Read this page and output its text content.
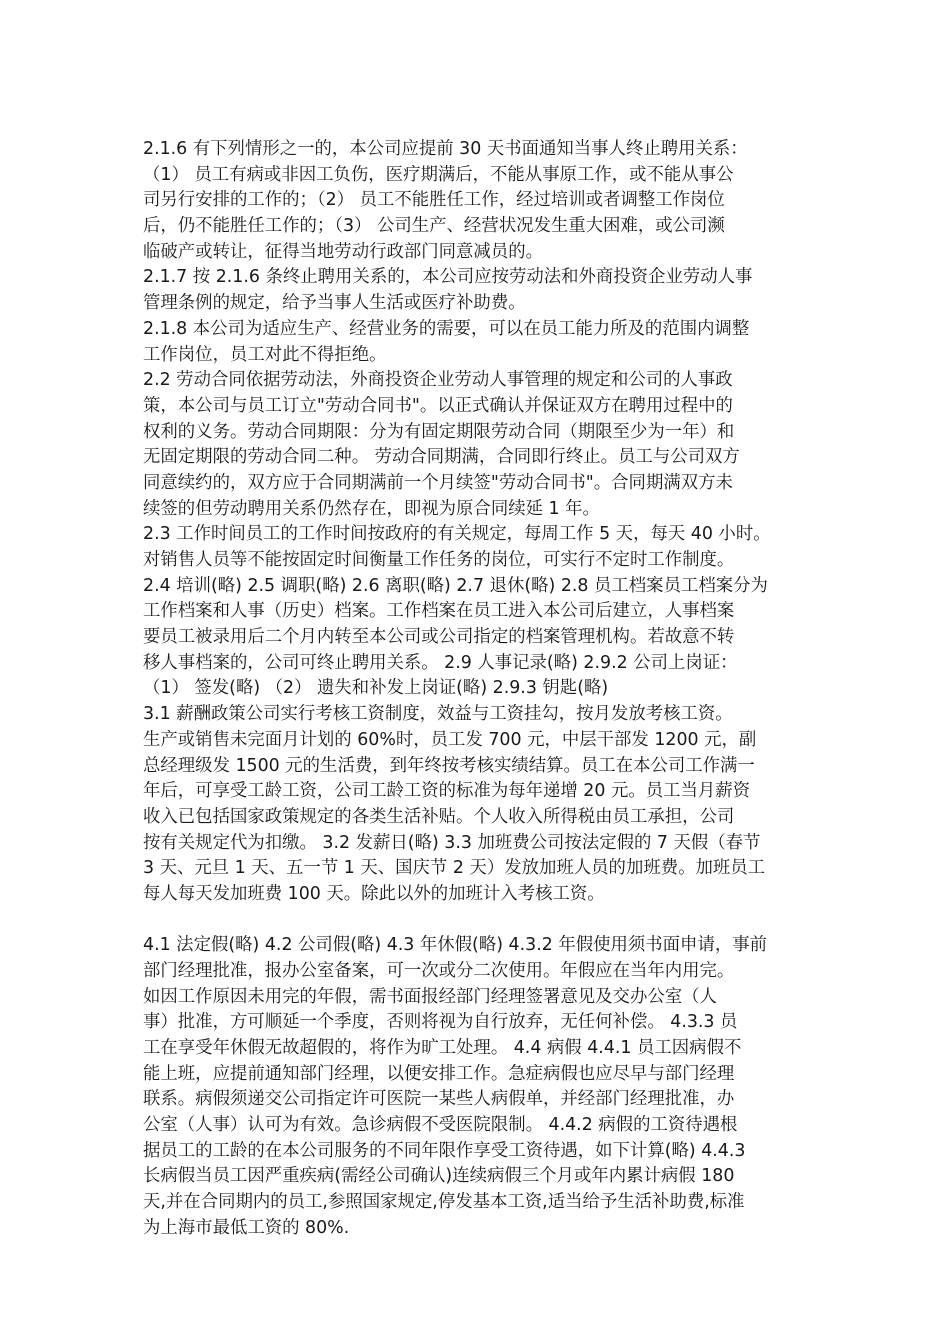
2.1.6 有下列情形之一的，本公司应提前 30 天书面通知当事人终止聘用关系：
（1） 员工有病或非因工负伤，医疗期满后，不能从事原工作，或不能从事公
司另行安排的工作的；（2） 员工不能胜任工作，经过培训或者调整工作岗位
后，仍不能胜任工作的；（3） 公司生产、经营状况发生重大困难，或公司濒
临破产或转让，征得当地劳动行政部门同意减员的。
2.1.7 按 2.1.6 条终止聘用关系的，本公司应按劳动法和外商投资企业劳动人事
管理条例的规定，给予当事人生活或医疗补助费。
2.1.8 本公司为适应生产、经营业务的需要，可以在员工能力所及的范围内调整
工作岗位，员工对此不得拒绝。
2.2 劳动合同依据劳动法，外商投资企业劳动人事管理的规定和公司的人事政
策，本公司与员工订立"劳动合同书"。以正式确认并保证双方在聘用过程中的
权利的义务。劳动合同期限：分为有固定期限劳动合同（期限至少为一年）和
无固定期限的劳动合同二种。 劳动合同期满，合同即行终止。员工与公司双方
同意续约的，双方应于合同期满前一个月续签"劳动合同书"。合同期满双方未
续签的但劳动聘用关系仍然存在，即视为原合同续延 1 年。
2.3 工作时间员工的工作时间按政府的有关规定，每周工作 5 天，每天 40 小时。
对销售人员等不能按固定时间衡量工作任务的岗位，可实行不定时工作制度。
2.4 培训(略) 2.5 调职(略) 2.6 离职(略) 2.7 退休(略) 2.8 员工档案员工档案分为
工作档案和人事（历史）档案。工作档案在员工进入本公司后建立，人事档案
要员工被录用后二个月内转至本公司或公司指定的档案管理机构。若故意不转
移人事档案的，公司可终止聘用关系。 2.9 人事记录(略) 2.9.2 公司上岗证：
（1） 签发(略) （2） 遗失和补发上岗证(略) 2.9.3 钥匙(略)
3.1 薪酬政策公司实行考核工资制度，效益与工资挂勾，按月发放考核工资。
生产或销售未完面月计划的 60%时，员工发 700 元，中层干部发 1200 元，副
总经理级发 1500 元的生活费，到年终按考核实绩结算。员工在本公司工作满一
年后，可享受工龄工资，公司工龄工资的标准为每年递增 20 元。员工当月薪资
收入已包括国家政策规定的各类生活补贴。个人收入所得税由员工承担，公司
按有关规定代为扣缴。 3.2 发薪日(略) 3.3 加班费公司按法定假的 7 天假（春节
3 天、元旦 1 天、五一节 1 天、国庆节 2 天）发放加班人员的加班费。加班员工
每人每天发加班费 100 天。除此以外的加班计入考核工资。
4.1 法定假(略) 4.2 公司假(略) 4.3 年休假(略) 4.3.2 年假使用须书面申请，事前
部门经理批准，报办公室备案，可一次或分二次使用。年假应在当年内用完。
如因工作原因未用完的年假，需书面报经部门经理签署意见及交办公室（人
事）批准，方可顺延一个季度，否则将视为自行放弃，无任何补偿。 4.3.3 员
工在享受年休假无故超假的，将作为旷工处理。 4.4 病假 4.4.1 员工因病假不
能上班，应提前通知部门经理，以便安排工作。急症病假也应尽早与部门经理
联系。病假须递交公司指定许可医院一某些人病假单，并经部门经理批准，办
公室（人事）认可为有效。急诊病假不受医院限制。 4.4.2 病假的工资待遇根
据员工的工龄的在本公司服务的不同年限作享受工资待遇，如下计算(略) 4.4.3
长病假当员工因严重疾病(需经公司确认)连续病假三个月或年内累计病假 180
天,并在合同期内的员工,参照国家规定,停发基本工资,适当给予生活补助费,标准
为上海市最低工资的 80%.
